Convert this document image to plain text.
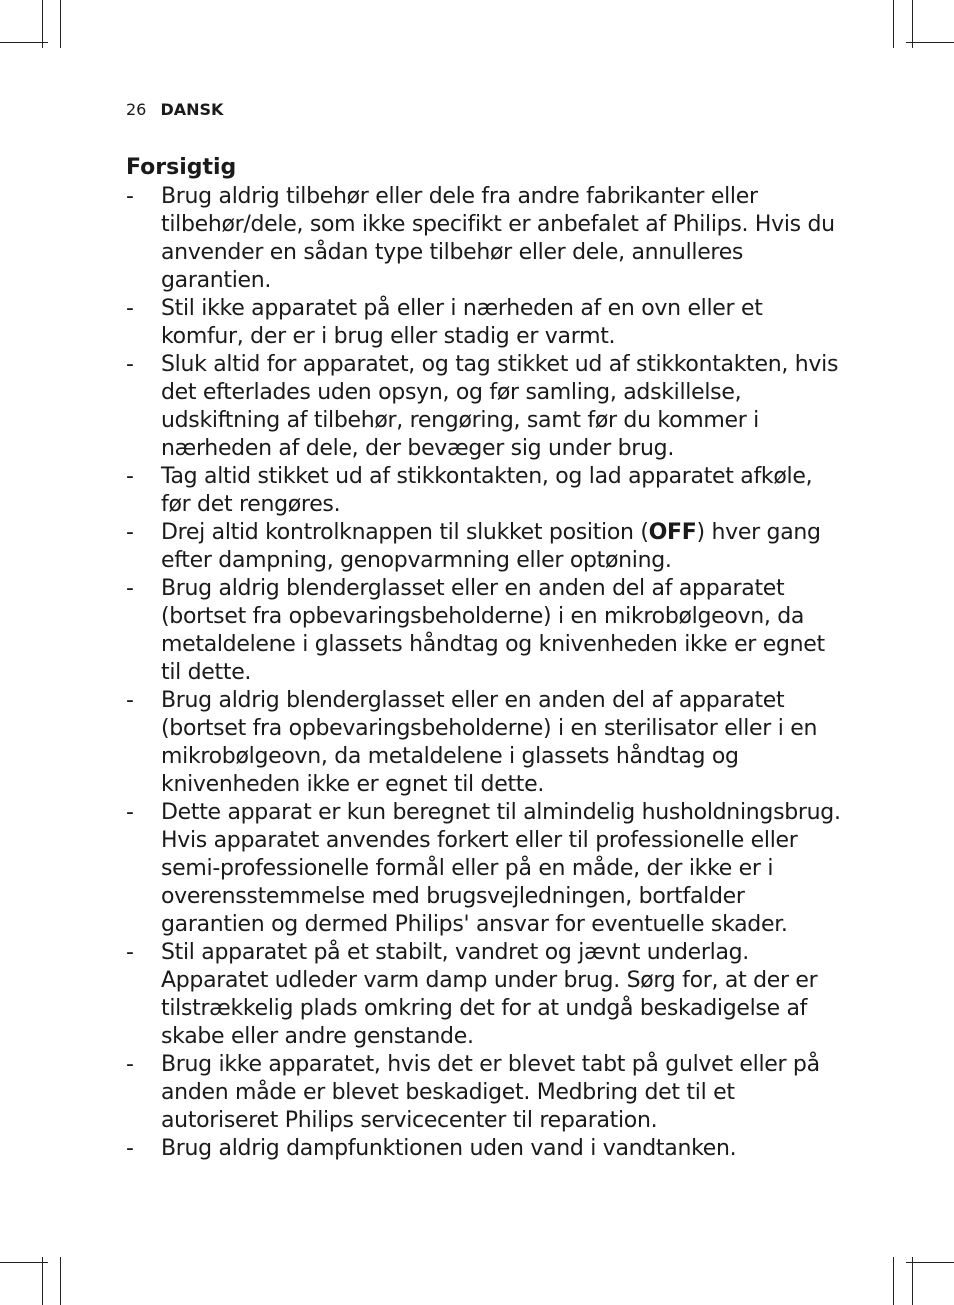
26 DANSK
Forsigtig
- Brug aldrig tilbehør eller dele fra andre fabrikanter eller tilbehør/dele, som ikke specifikt er anbefalet af Philips. Hvis du anvender en sådan type tilbehør eller dele, annulleres garantien.
- Stil ikke apparatet på eller i nærheden af en ovn eller et komfur, der er i brug eller stadig er varmt.
- Sluk altid for apparatet, og tag stikket ud af stikkontakten, hvis det efterlades uden opsyn, og før samling, adskillelse, udskiftning af tilbehør, rengøring, samt før du kommer i nærheden af dele, der bevæger sig under brug.
- Tag altid stikket ud af stikkontakten, og lad apparatet afkøle, før det rengøres.
- Drej altid kontrolknappen til slukket position (OFF) hver gang efter dampning, genopvarmning eller optøning.
- Brug aldrig blenderglasset eller en anden del af apparatet (bortset fra opbevaringsbeholderne) i en mikrobølgeovn, da metaldelene i glassets håndtag og knivenheden ikke er egnet til dette.
- Brug aldrig blenderglasset eller en anden del af apparatet (bortset fra opbevaringsbeholderne) i en sterilisator eller i en mikrobølgeovn, da metaldelene i glassets håndtag og knivenheden ikke er egnet til dette.
- Dette apparat er kun beregnet til almindelig husholdningsbrug. Hvis apparatet anvendes forkert eller til professionelle eller semi-professionelle formål eller på en måde, der ikke er i overensstemmelse med brugsvejledningen, bortfalder garantien og dermed Philips' ansvar for eventuelle skader.
- Stil apparatet på et stabilt, vandret og jævnt underlag. Apparatet udleder varm damp under brug. Sørg for, at der er tilstrækkelig plads omkring det for at undgå beskadigelse af skabe eller andre genstande.
- Brug ikke apparatet, hvis det er blevet tabt på gulvet eller på anden måde er blevet beskadiget. Medbring det til et autoriseret Philips servicecenter til reparation.
- Brug aldrig dampfunktionen uden vand i vandtanken.
